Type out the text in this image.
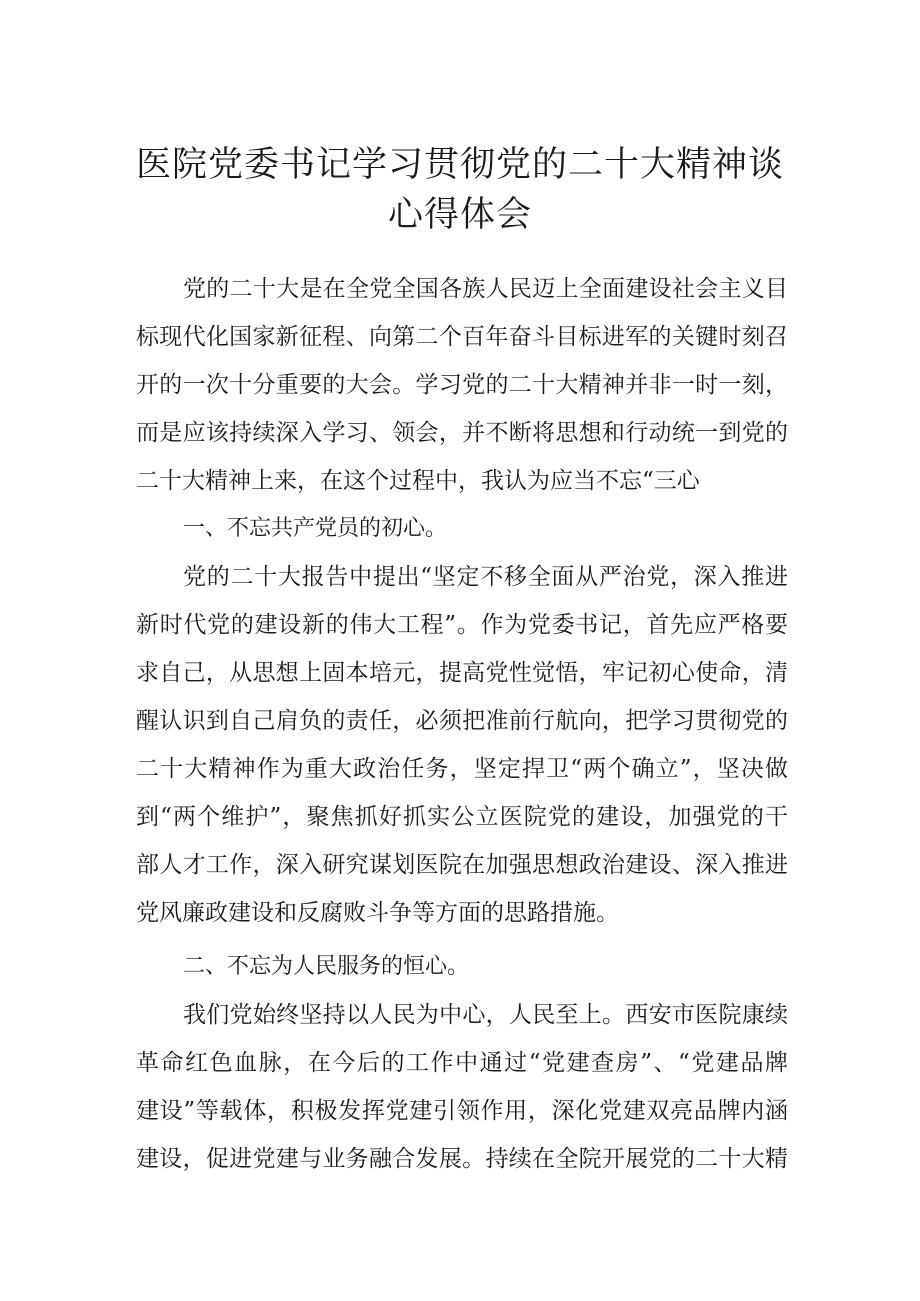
医院党委书记学习贯彻党的二十大精神谈
心得体会
党的二十大是在全党全国各族人民迈上全面建设社会主义目
标现代化国家新征程、向第二个百年奋斗目标进军的关键时刻召
开的一次十分重要的大会。学习党的二十大精神并非一时一刻，
而是应该持续深入学习、领会，并不断将思想和行动统一到党的
二十大精神上来，在这个过程中，我认为应当不忘“三心
一、不忘共产党员的初心。
党的二十大报告中提出“坚定不移全面从严治党，深入推进
新时代党的建设新的伟大工程”。作为党委书记，首先应严格要
求自己，从思想上固本培元，提高党性觉悟，牢记初心使命，清
醒认识到自己肩负的责任，必须把准前行航向，把学习贯彻党的
二十大精神作为重大政治任务，坚定捍卫“两个确立”，坚决做
到“两个维护”，聚焦抓好抓实公立医院党的建设，加强党的干
部人才工作，深入研究谋划医院在加强思想政治建设、深入推进
党风廉政建设和反腐败斗争等方面的思路措施。
二、不忘为人民服务的恒心。
我们党始终坚持以人民为中心，人民至上。西安市医院康续
革命红色血脉，在今后的工作中通过“党建查房”、“党建品牌
建设”等载体，积极发挥党建引领作用，深化党建双亮品牌内涵
建设，促进党建与业务融合发展。持续在全院开展党的二十大精
